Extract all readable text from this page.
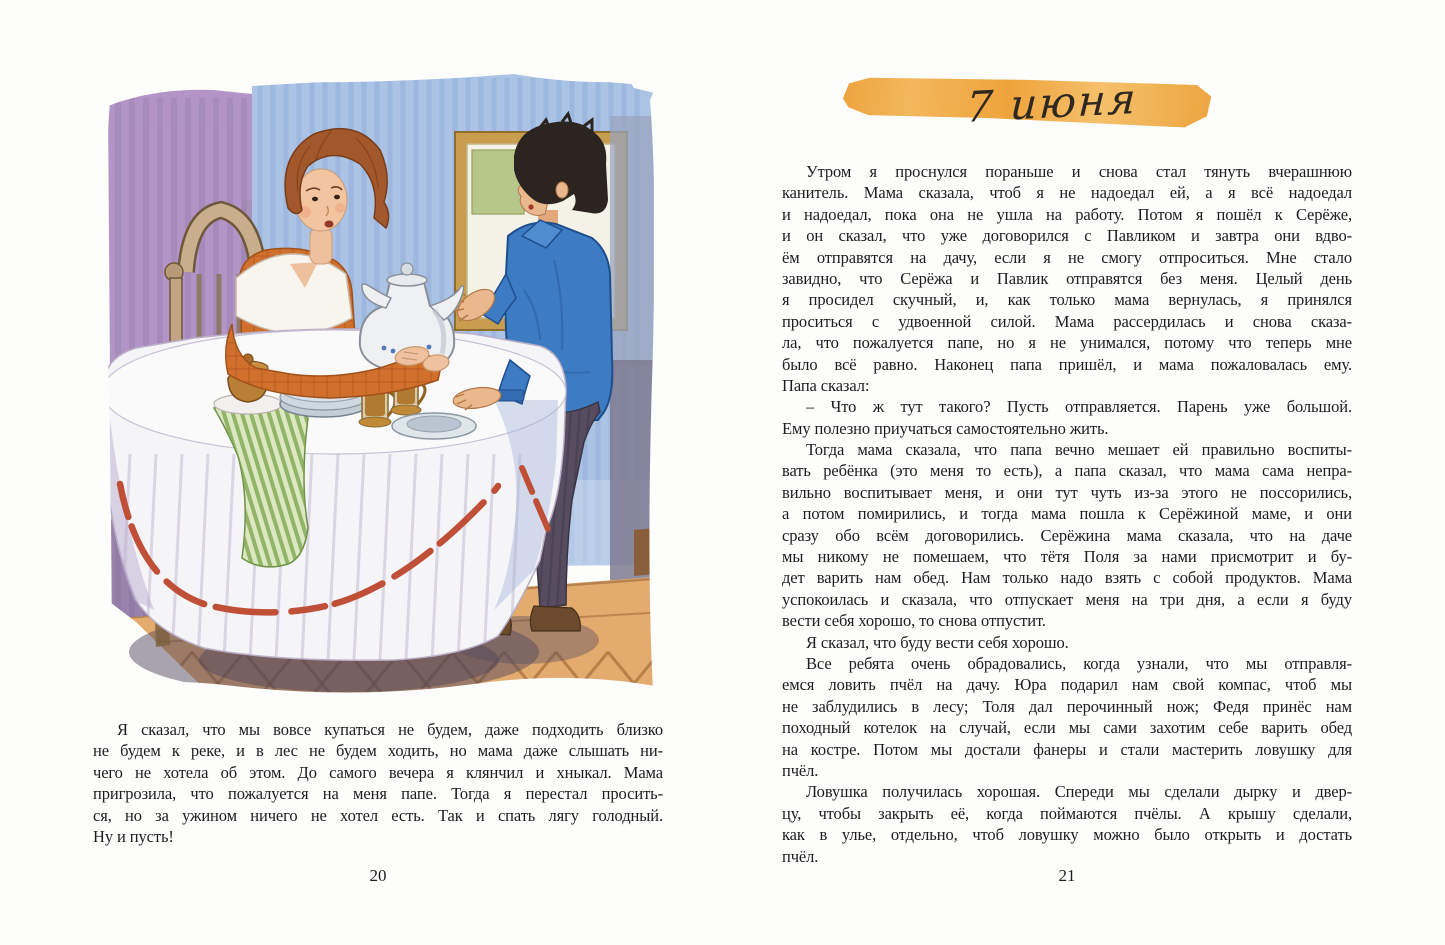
Я сказал, что мы вовсе купаться не будем, даже подходить близко
не будем к реке, и в лес не будем ходить, но мама даже слышать ни-
чего не хотела об этом. До самого вечера я клянчил и хныкал. Мама
пригрозила, что пожалуется на меня папе. Тогда я перестал просить-
ся, но за ужином ничего не хотел есть. Так и спать лягу голодный.
Ну и пусть!
20
7 июня
Утром я проснулся пораньше и снова стал тянуть вчерашнюю
канитель. Мама сказала, чтоб я не надоедал ей, а я всё надоедал
и надоедал, пока она не ушла на работу. Потом я пошёл к Серёже,
и он сказал, что уже договорился с Павликом и завтра они вдво-
ём отправятся на дачу, если я не смогу отпроситься. Мне стало
завидно, что Серёжа и Павлик отправятся без меня. Целый день
я просидел скучный, и, как только мама вернулась, я принялся
проситься с удвоенной силой. Мама рассердилась и снова сказа-
ла, что пожалуется папе, но я не унимался, потому что теперь мне
было всё равно. Наконец папа пришёл, и мама пожаловалась ему.
Папа сказал:
– Что ж тут такого? Пусть отправляется. Парень уже большой.
Ему полезно приучаться самостоятельно жить.
Тогда мама сказала, что папа вечно мешает ей правильно воспиты-
вать ребёнка (это меня то есть), а папа сказал, что мама сама непра-
вильно воспитывает меня, и они тут чуть из-за этого не поссорились,
а потом помирились, и тогда мама пошла к Серёжиной маме, и они
сразу обо всём договорились. Серёжина мама сказала, что на даче
мы никому не помешаем, что тётя Поля за нами присмотрит и бу-
дет варить нам обед. Нам только надо взять с собой продуктов. Мама
успокоилась и сказала, что отпускает меня на три дня, а если я буду
вести себя хорошо, то снова отпустит.
Я сказал, что буду вести себя хорошо.
Все ребята очень обрадовались, когда узнали, что мы отправля-
емся ловить пчёл на дачу. Юра подарил нам свой компас, чтоб мы
не заблудились в лесу; Толя дал перочинный нож; Федя принёс нам
походный котелок на случай, если мы сами захотим себе варить обед
на костре. Потом мы достали фанеры и стали мастерить ловушку для
пчёл.
Ловушка получилась хорошая. Спереди мы сделали дырку и двер-
цу, чтобы закрыть её, когда поймаются пчёлы. А крышу сделали,
как в улье, отдельно, чтоб ловушку можно было открыть и достать
пчёл.
21
